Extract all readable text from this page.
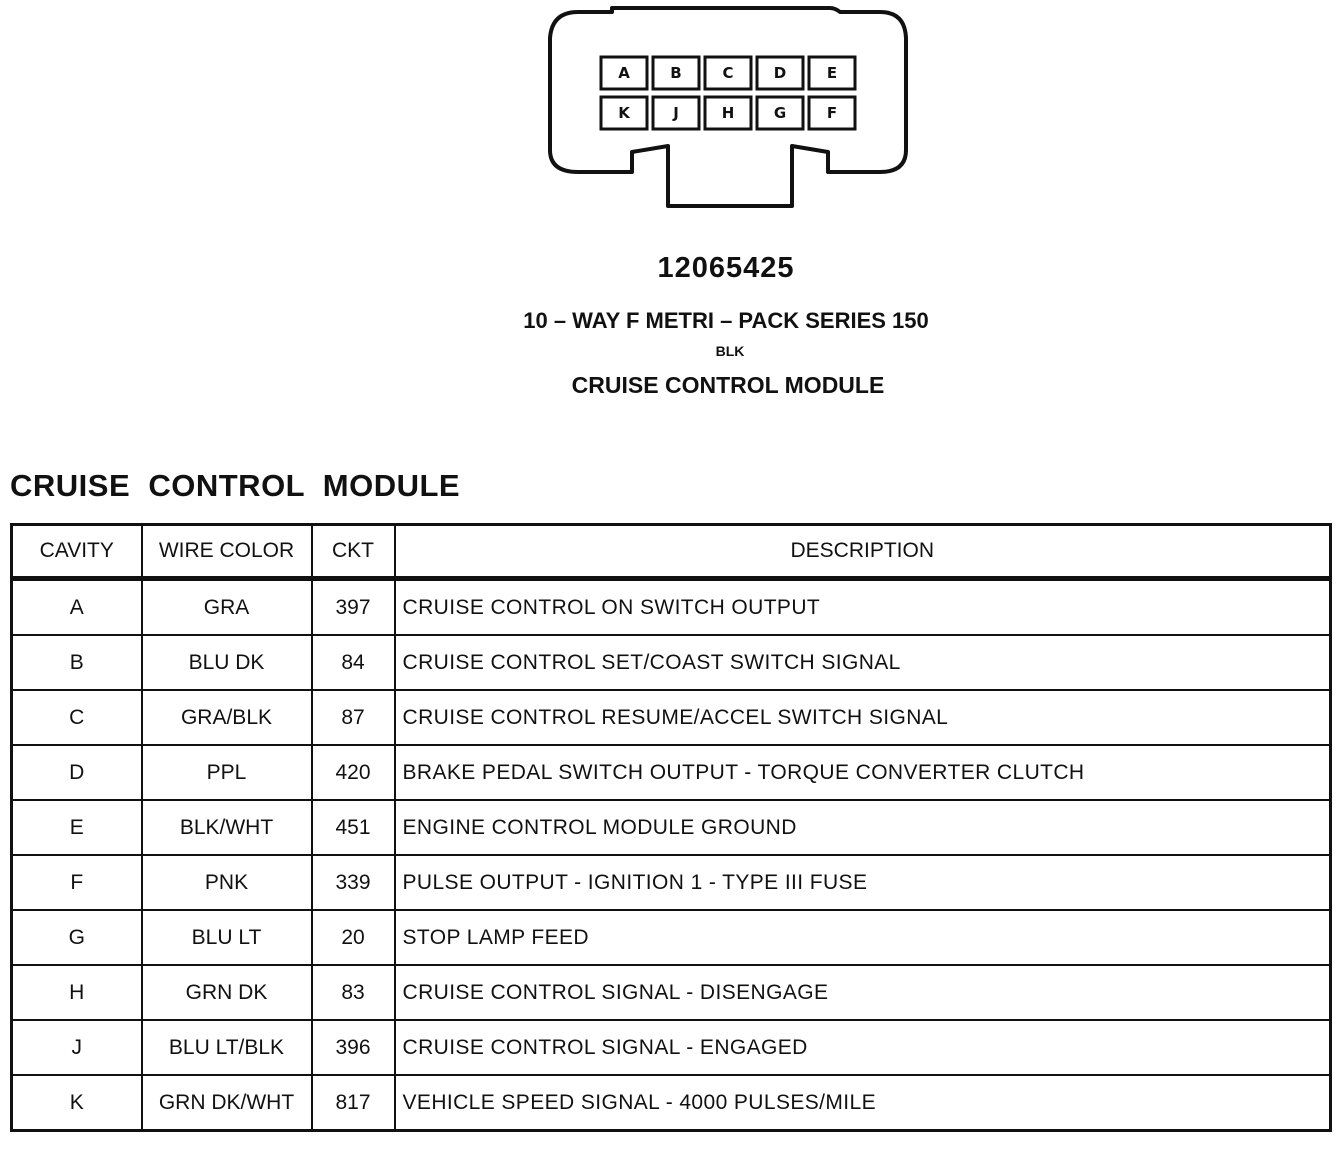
A	B	C	D	E
K	J	H	G	F
12065425
10 – WAY F METRI – PACK SERIES 150
BLK
CRUISE CONTROL MODULE
CRUISE  CONTROL  MODULE
CAVITY	WIRE COLOR	CKT	DESCRIPTION
A	GRA	397	CRUISE CONTROL ON SWITCH OUTPUT
B	BLU DK	84	CRUISE CONTROL SET/COAST SWITCH SIGNAL
C	GRA/BLK	87	CRUISE CONTROL RESUME/ACCEL SWITCH SIGNAL
D	PPL	420	BRAKE PEDAL SWITCH OUTPUT - TORQUE CONVERTER CLUTCH
E	BLK/WHT	451	ENGINE CONTROL MODULE GROUND
F	PNK	339	PULSE OUTPUT - IGNITION 1 - TYPE III FUSE
G	BLU LT	20	STOP LAMP FEED
H	GRN DK	83	CRUISE CONTROL SIGNAL - DISENGAGE
J	BLU LT/BLK	396	CRUISE CONTROL SIGNAL - ENGAGED
K	GRN DK/WHT	817	VEHICLE SPEED SIGNAL - 4000 PULSES/MILE
